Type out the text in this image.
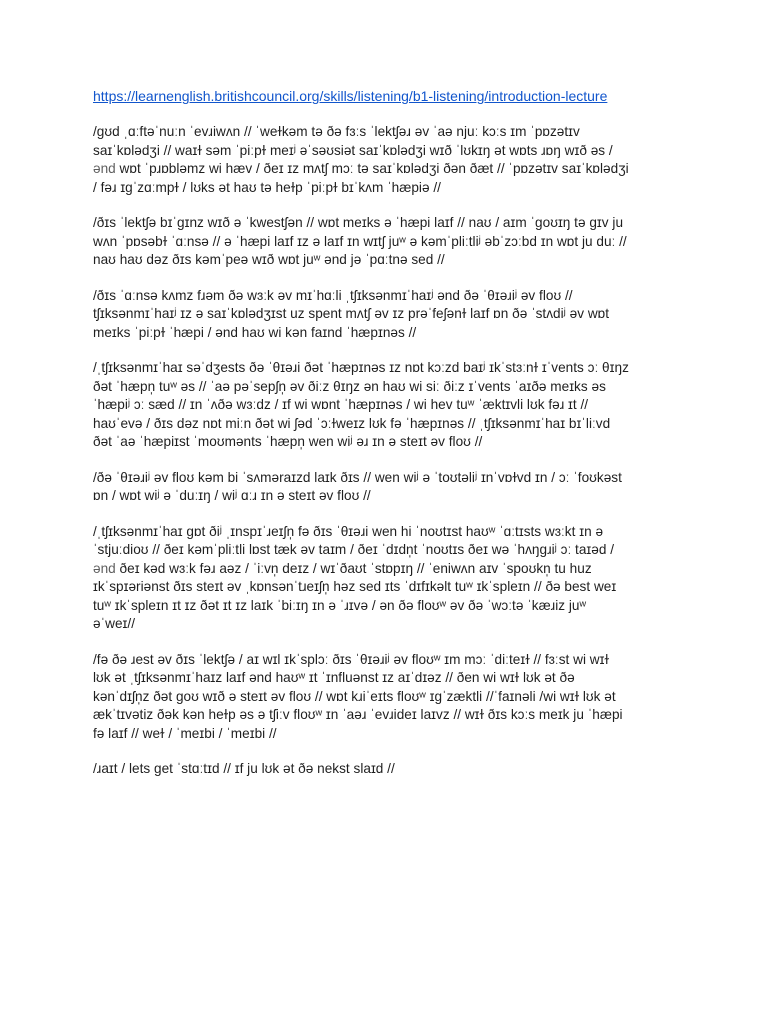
https://learnenglish.britishcouncil.org/skills/listening/b1-listening/introduction-lecture
/ɡʊd ˌɑːftəˈnuːn ˈevɹiwʌn // ˈweɫkəm tə ðə fɜːs ˈlektʃəɹ əv ˈaə njuː kɔːs ɪm ˈpɒzətɪv
saɪˈkɒlədʒi // waɪɫ səm ˈpiːpɫ meɪʲ əˈsəʊsiət saɪˈkɒlədʒi wɪð ˈlʊkɪŋ ət wɒts ɹɒŋ wɪð əs /
ənd wɒt ˈpɹɒbləmz wi hæv / ðeɪ ɪz mʌtʃ mɔː tə saɪˈkɒlədʒi ðən ðæt // ˈpɒzətɪv saɪˈkɒlədʒi
/ fəɹ ɪɡˈzɑːmpɫ / lʊks ət haʊ tə heɫp ˈpiːpɫ bɪˈkʌm ˈhæpiə //
/ðɪs ˈlektʃə bɪˈɡɪnz wɪð ə ˈkwestʃən // wɒt meɪks ə ˈhæpi laɪf // naʊ / aɪm ˈɡoʊɪŋ tə ɡɪv ju
wʌn ˈpɒsəbɫ ˈɑːnsə // ə ˈhæpi laɪf ɪz ə laɪf ɪn wɪtʃ juʷ ə kəmˈpliːtliʲ əbˈzɔːbd ɪn wɒt ju duː //
naʊ haʊ dəz ðɪs kəmˈpeə wɪð wɒt juʷ ənd jə ˈpɑːtnə sed //
/ðɪs ˈɑːnsə kʌmz fɹəm ðə wɜːk əv mɪˈhɑːli ˌtʃɪksənmɪˈhaɪʲ ənd ðə ˈθɪəɹiʲ əv floʊ //
tʃɪksənmɪˈhaɪʲ ɪz ə saɪˈkɒlədʒɪst uz spent mʌtʃ əv ɪz prəˈfeʃənɫ laɪf ɒn ðə ˈstʌdiʲ əv wɒt
meɪks ˈpiːpɫ ˈhæpi / ənd haʊ wi kən faɪnd ˈhæpɪnəs //
/ˌtʃɪksənmɪˈhaɪ səˈdʒests ðə ˈθɪəɹi ðət ˈhæpɪnəs ɪz nɒt kɔːzd baɪʲ ɪkˈstɜːnɫ ɪˈvents ɔː θɪŋz
ðət ˈhæpn̩ tuʷ əs // ˈaə pəˈsepʃn̩ əv ðiːz θɪŋz ən haʊ wi siː ðiːz ɪˈvents ˈaɪðə meɪks əs
ˈhæpiʲ ɔː sæd // ɪn ˈʌðə wɜːdz / ɪf wi wɒnt ˈhæpɪnəs / wi hev tuʷ ˈæktɪvli lʊk fəɹ ɪt //
haʊˈevə / ðɪs dəz nɒt miːn ðət wi ʃəd ˈɔːɫweɪz lʊk fə ˈhæpɪnəs // ˌtʃɪksənmɪˈhaɪ bɪˈliːvd
ðət ˈaə ˈhæpiɪst ˈmoʊmənts ˈhæpn̩ wen wiʲ əɹ ɪn ə steɪt əv floʊ //
/ðə ˈθɪəɹiʲ əv floʊ kəm bi ˈsʌməraɪzd laɪk ðɪs // wen wiʲ ə ˈtoʊtəliʲ ɪnˈvɒɫvd ɪn / ɔː ˈfoʊkəst
ɒn / wɒt wiʲ ə ˈduːɪŋ / wiʲ ɑːɹ ɪn ə steɪt əv floʊ //
/ˌtʃɪksənmɪˈhaɪ ɡɒt ðiʲ ˌɪnspɪˈɹeɪʃn̩ fə ðɪs ˈθɪəɹi wen hi ˈnoʊtɪst haʊʷ ˈɑːtɪsts wɜːkt ɪn ə
ˈstjuːdioʊ // ðeɪ kəmˈpliːtli lɒst tæk əv taɪm / ðeɪ ˈdɪdn̩t ˈnoʊtɪs ðeɪ wə ˈhʌŋɡɹiʲ ɔː taɪəd /
ənd ðeɪ kəd wɜːk fəɹ aəz / ˈiːvn̩ deɪz / wɪˈðaʊt ˈstɒpɪŋ // ˈeniwʌn aɪv ˈspoʊkn̩ tu huz
ɪkˈspɪəriənst ðɪs steɪt əv ˌkɒnsənˈtɹeɪʃn̩ həz sed ɪts ˈdɪfɪkəlt tuʷ ɪkˈspleɪn // ðə best weɪ
tuʷ ɪkˈspleɪn ɪt ɪz ðət ɪt ɪz laɪk ˈbiːɪŋ ɪn ə ˈɹɪvə / ən ðə floʊʷ əv ðə ˈwɔːtə ˈkæɹiz juʷ
əˈweɪ//
/fə ðə ɹest əv ðɪs ˈlektʃə / aɪ wɪl ɪkˈsplɔː ðɪs ˈθɪəɹiʲ əv floʊʷ ɪm mɔː ˈdiːteɪɫ // fɜːst wi wɪɫ
lʊk ət ˌtʃɪksənmɪˈhaɪz laɪf ənd haʊʷ ɪt ˈɪnfluənst ɪz aɪˈdɪəz // ðen wi wɪɫ lʊk ət ðə
kənˈdɪʃn̩z ðət ɡoʊ wɪð ə steɪt əv floʊ // wɒt kɹiˈeɪts floʊʷ ɪɡˈzæktli //ˈfaɪnəli /wi wɪɫ lʊk ət
ækˈtɪvətiz ðək kən heɫp əs ə tʃiːv floʊʷ ɪn ˈaəɹ ˈevɹideɪ laɪvz // wɪɫ ðɪs kɔːs meɪk ju ˈhæpi
fə laɪf // weɫ / ˈmeɪbi / ˈmeɪbi //
/ɹaɪt / lets ɡet ˈstɑːtɪd // ɪf ju lʊk ət ðə nekst slaɪd //
